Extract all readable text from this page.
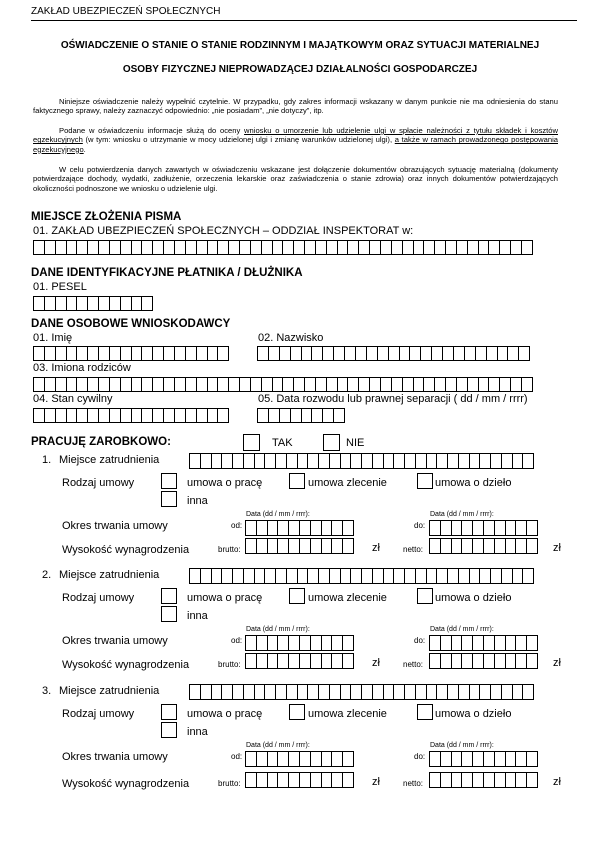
ZAKŁAD UBEZPIECZEŃ SPOŁECZNYCH
OŚWIADCZENIE O STANIE O STANIE RODZINNYM I MAJĄTKOWYM ORAZ SYTUACJI MATERIALNEJ
OSOBY FIZYCZNEJ NIEPROWADZĄCEJ DZIAŁALNOŚCI GOSPODARCZEJ
Niniejsze oświadczenie należy wypełnić czytelnie. W przypadku, gdy zakres informacji wskazany w danym punkcie nie ma odniesienia do stanu faktycznego sprawy, należy zaznaczyć odpowiednio: „nie posiadam”, „nie dotyczy”, itp.
Podane w oświadczeniu informacje służą do oceny wniosku o umorzenie lub udzielenie ulgi w spłacie należności z tytułu składek i kosztów egzekucyjnych (w tym: wniosku o utrzymanie w mocy udzielonej ulgi i zmianę warunków udzielonej ulgi), a także w ramach prowadzonego postępowania egzekucyjnego.
W celu potwierdzenia danych zawartych w oświadczeniu wskazane jest dołączenie dokumentów obrazujących sytuację materialną (dokumenty potwierdzające dochody, wydatki, zadłużenie, orzeczenia lekarskie oraz zaświadczenia o stanie zdrowia) oraz innych dokumentów potwierdzających okoliczności podnoszone we wniosku o udzielenie ulgi.
MIEJSCE ZŁOŻENIA PISMA
01. ZAKŁAD UBEZPIECZEŃ SPOŁECZNYCH – ODDZIAŁ INSPEKTORAT w:
DANE IDENTYFIKACYJNE PŁATNIKA / DŁUŻNIKA
01. PESEL
DANE OSOBOWE WNIOSKODAWCY
01. Imię	02. Nazwisko
03. Imiona rodziców
04. Stan cywilny	05. Data rozwodu lub prawnej separacji ( dd / mm / rrrr)
PRACUJĘ ZAROBKOWO:	TAK	NIE
1. Miejsce zatrudnienia
Rodzaj umowy	umowa o pracę	umowa zlecenie	umowa o dzieło
inna
Data (dd / mm / rrrr):	Data (dd / mm / rrrr):
Okres trwania umowy	od:	do:
Wysokość wynagrodzenia	brutto:	zł	netto:	zł
2. Miejsce zatrudnienia
Rodzaj umowy	umowa o pracę	umowa zlecenie	umowa o dzieło
inna
Data (dd / mm / rrrr):	Data (dd / mm / rrrr):
Okres trwania umowy	od:	do:
Wysokość wynagrodzenia	brutto:	zł	netto:	zł
3. Miejsce zatrudnienia
Rodzaj umowy	umowa o pracę	umowa zlecenie	umowa o dzieło
inna
Data (dd / mm / rrrr):	Data (dd / mm / rrrr):
Okres trwania umowy	od:	do:
Wysokość wynagrodzenia	brutto:	zł	netto:	zł
